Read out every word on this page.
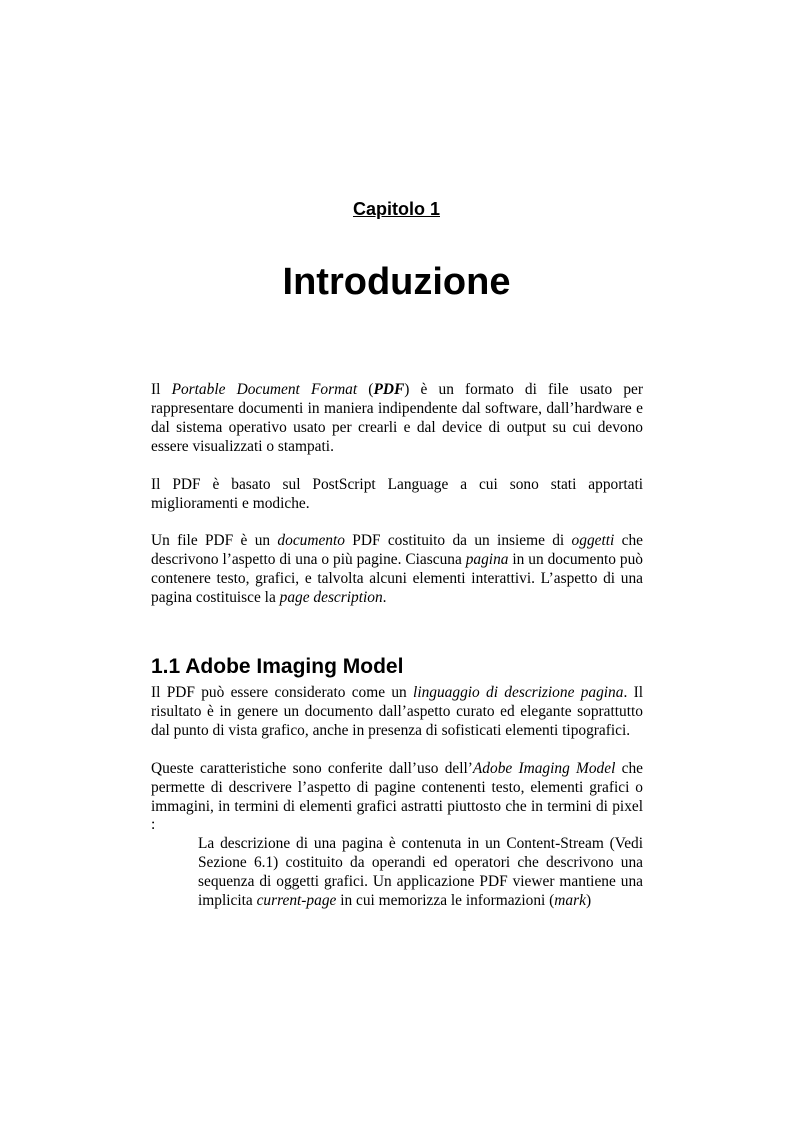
Capitolo 1
Introduzione

Il Portable Document Format (PDF) è un formato di file usato per rappresentare documenti in maniera indipendente dal software, dall’hardware e dal sistema operativo usato per crearli e dal device di output su cui devono essere visualizzati o stampati.

Il PDF è basato sul PostScript Language a cui sono stati apportati miglioramenti e modiche.

Un file PDF è un documento PDF costituito da un insieme di oggetti che descrivono l’aspetto di una o più pagine. Ciascuna pagina in un documento può contenere testo, grafici, e talvolta alcuni elementi interattivi. L’aspetto di una pagina costituisce la page description.

1.1 Adobe Imaging Model

Il PDF può essere considerato come un linguaggio di descrizione pagina. Il risultato è in genere un documento dall’aspetto curato ed elegante soprattutto dal punto di vista grafico, anche in presenza di sofisticati elementi tipografici.

Queste caratteristiche sono conferite dall’uso dell’Adobe Imaging Model che permette di descrivere l’aspetto di pagine contenenti testo, elementi grafici o immagini, in termini di elementi grafici astratti piuttosto che in termini di pixel :

La descrizione di una pagina è contenuta in un Content-Stream (Vedi Sezione 6.1) costituito da operandi ed operatori che descrivono una sequenza di oggetti grafici. Un applicazione PDF viewer mantiene una implicita current-page in cui memorizza le informazioni (mark)
